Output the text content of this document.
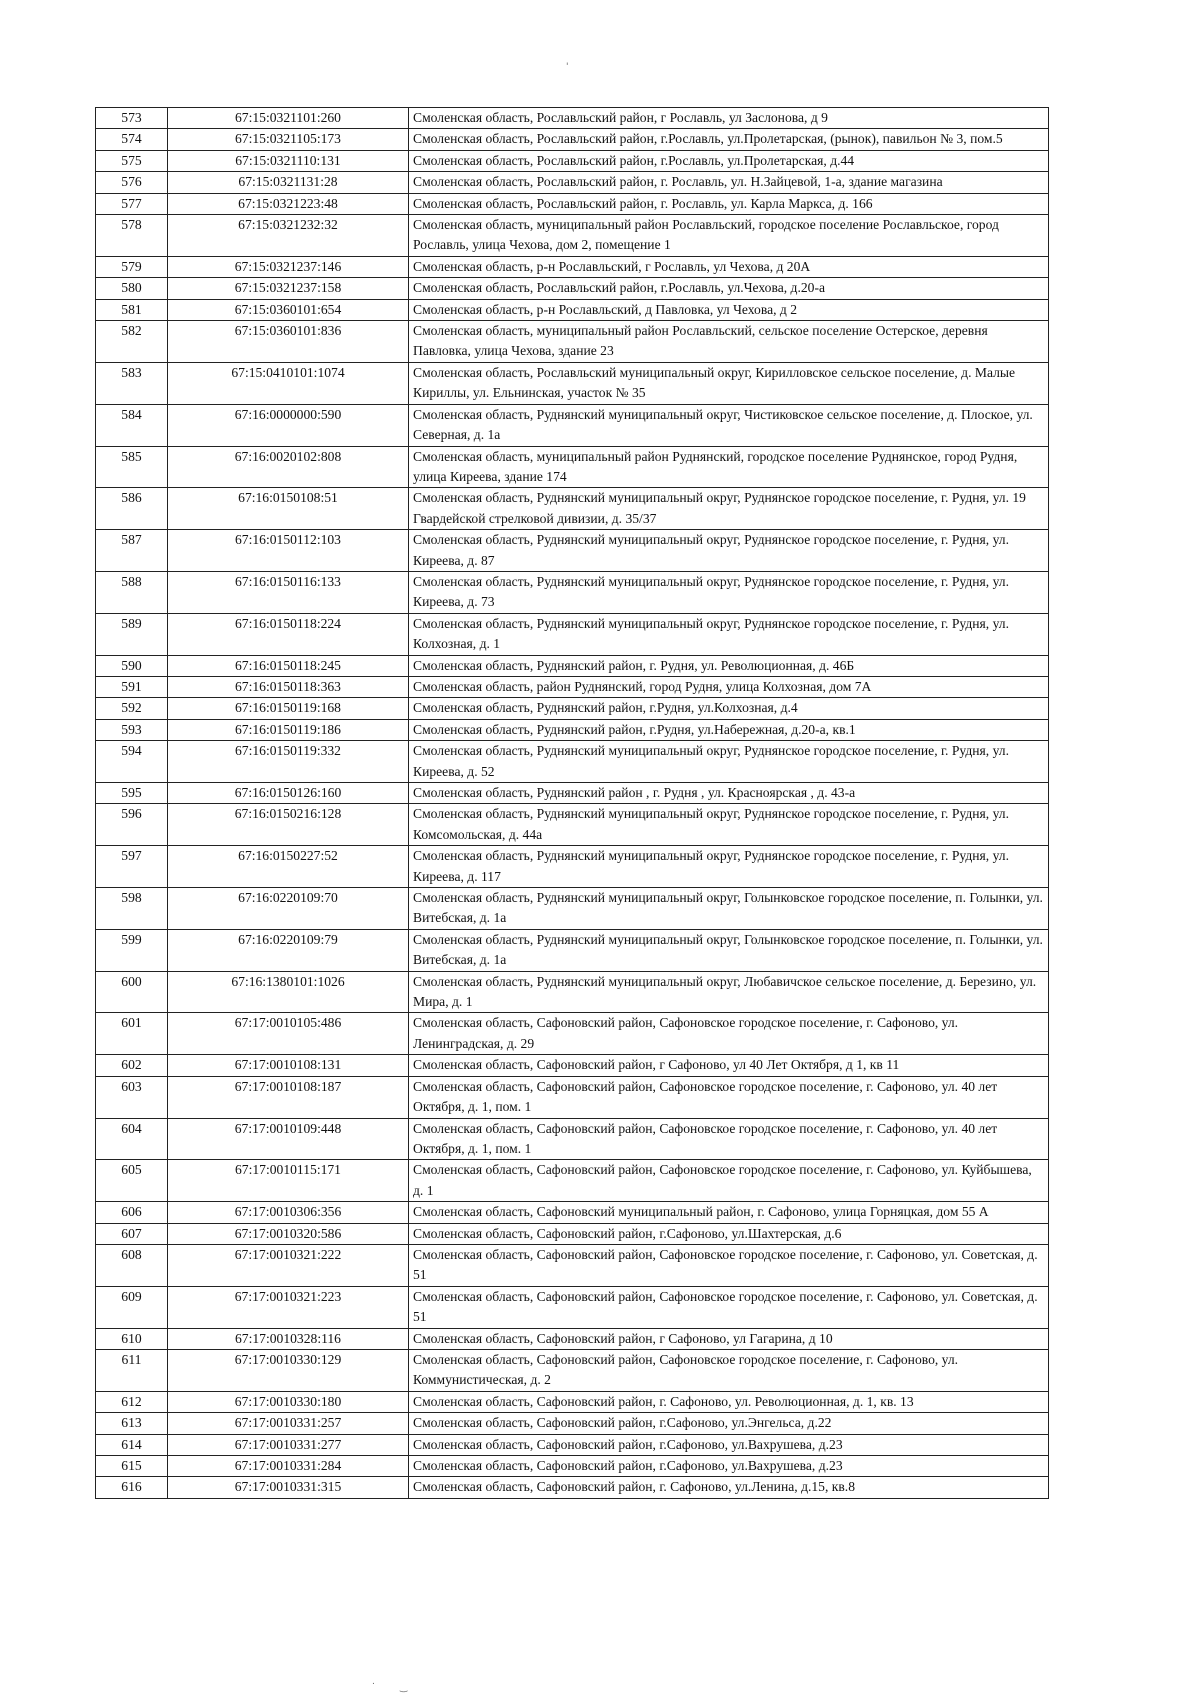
'
.
‿
573	67:15:0321101:260	Смоленская область, Рославльский район, г Рославль, ул Заслонова, д 9
574	67:15:0321105:173	Смоленская область, Рославльский район, г.Рославль, ул.Пролетарская, (рынок), павильон № 3, пом.5
575	67:15:0321110:131	Смоленская область, Рославльский район, г.Рославль, ул.Пролетарская, д.44
576	67:15:0321131:28	Смоленская область, Рославльский район, г. Рославль, ул. Н.Зайцевой, 1-а, здание магазина
577	67:15:0321223:48	Смоленская область, Рославльский район, г. Рославль, ул. Карла Маркса, д. 166
578	67:15:0321232:32	Смоленская область, муниципальный район Рославльский, городское поселение Рославльское, город Рославль, улица Чехова, дом 2, помещение 1
579	67:15:0321237:146	Смоленская область, р-н Рославльский, г Рославль, ул Чехова, д 20А
580	67:15:0321237:158	Смоленская область, Рославльский район, г.Рославль, ул.Чехова, д.20-а
581	67:15:0360101:654	Смоленская область, р-н Рославльский, д Павловка, ул Чехова, д 2
582	67:15:0360101:836	Смоленская область, муниципальный район Рославльский, сельское поселение Остерское, деревня Павловка, улица Чехова, здание 23
583	67:15:0410101:1074	Смоленская область, Рославльский муниципальный округ, Кирилловское сельское поселение, д. Малые Кириллы, ул. Ельнинская, участок № 35
584	67:16:0000000:590	Смоленская область, Руднянский муниципальный округ, Чистиковское сельское поселение, д. Плоское, ул. Северная, д. 1а
585	67:16:0020102:808	Смоленская область, муниципальный район Руднянский, городское поселение Руднянское, город Рудня, улица Киреева, здание 174
586	67:16:0150108:51	Смоленская область, Руднянский муниципальный округ, Руднянское городское поселение, г. Рудня, ул. 19 Гвардейской стрелковой дивизии, д. 35/37
587	67:16:0150112:103	Смоленская область, Руднянский муниципальный округ, Руднянское городское поселение, г. Рудня, ул. Киреева, д. 87
588	67:16:0150116:133	Смоленская область, Руднянский муниципальный округ, Руднянское городское поселение, г. Рудня, ул. Киреева, д. 73
589	67:16:0150118:224	Смоленская область, Руднянский муниципальный округ, Руднянское городское поселение, г. Рудня, ул. Колхозная, д. 1
590	67:16:0150118:245	Смоленская область, Руднянский район, г. Рудня, ул. Революционная, д. 46Б
591	67:16:0150118:363	Смоленская область, район Руднянский, город Рудня, улица Колхозная, дом 7А
592	67:16:0150119:168	Смоленская область, Руднянский район, г.Рудня, ул.Колхозная, д.4
593	67:16:0150119:186	Смоленская область, Руднянский район, г.Рудня, ул.Набережная, д.20-а, кв.1
594	67:16:0150119:332	Смоленская область, Руднянский муниципальный округ, Руднянское городское поселение, г. Рудня, ул. Киреева, д. 52
595	67:16:0150126:160	Смоленская область, Руднянский район , г. Рудня , ул. Красноярская , д. 43-а
596	67:16:0150216:128	Смоленская область, Руднянский муниципальный округ, Руднянское городское поселение, г. Рудня, ул. Комсомольская, д. 44а
597	67:16:0150227:52	Смоленская область, Руднянский муниципальный округ, Руднянское городское поселение, г. Рудня, ул. Киреева, д. 117
598	67:16:0220109:70	Смоленская область, Руднянский муниципальный округ, Голынковское городское поселение, п. Голынки, ул. Витебская, д. 1а
599	67:16:0220109:79	Смоленская область, Руднянский муниципальный округ, Голынковское городское поселение, п. Голынки, ул. Витебская, д. 1а
600	67:16:1380101:1026	Смоленская область, Руднянский муниципальный округ, Любавичское сельское поселение, д. Березино, ул. Мира, д. 1
601	67:17:0010105:486	Смоленская область, Сафоновский район, Сафоновское городское поселение, г. Сафоново, ул. Ленинградская, д. 29
602	67:17:0010108:131	Смоленская область, Сафоновский район, г Сафоново, ул 40 Лет Октября, д 1, кв 11
603	67:17:0010108:187	Смоленская область, Сафоновский район, Сафоновское городское поселение, г. Сафоново, ул. 40 лет Октября, д. 1, пом. 1
604	67:17:0010109:448	Смоленская область, Сафоновский район, Сафоновское городское поселение, г. Сафоново, ул. 40 лет Октября, д. 1, пом. 1
605	67:17:0010115:171	Смоленская область, Сафоновский район, Сафоновское городское поселение, г. Сафоново, ул. Куйбышева, д. 1
606	67:17:0010306:356	Смоленская область, Сафоновский муниципальный район, г. Сафоново, улица Горняцкая, дом 55 А
607	67:17:0010320:586	Смоленская область, Сафоновский район, г.Сафоново, ул.Шахтерская, д.6
608	67:17:0010321:222	Смоленская область, Сафоновский район, Сафоновское городское поселение, г. Сафоново, ул. Советская, д. 51
609	67:17:0010321:223	Смоленская область, Сафоновский район, Сафоновское городское поселение, г. Сафоново, ул. Советская, д. 51
610	67:17:0010328:116	Смоленская область, Сафоновский район, г Сафоново, ул Гагарина, д 10
611	67:17:0010330:129	Смоленская область, Сафоновский район, Сафоновское городское поселение, г. Сафоново, ул. Коммунистическая, д. 2
612	67:17:0010330:180	Смоленская область, Сафоновский район, г. Сафоново, ул. Революционная, д. 1, кв. 13
613	67:17:0010331:257	Смоленская область, Сафоновский район, г.Сафоново, ул.Энгельса, д.22
614	67:17:0010331:277	Смоленская область, Сафоновский район, г.Сафоново, ул.Вахрушева, д.23
615	67:17:0010331:284	Смоленская область, Сафоновский район, г.Сафоново, ул.Вахрушева, д.23
616	67:17:0010331:315	Смоленская область, Сафоновский район, г. Сафоново, ул.Ленина, д.15, кв.8
